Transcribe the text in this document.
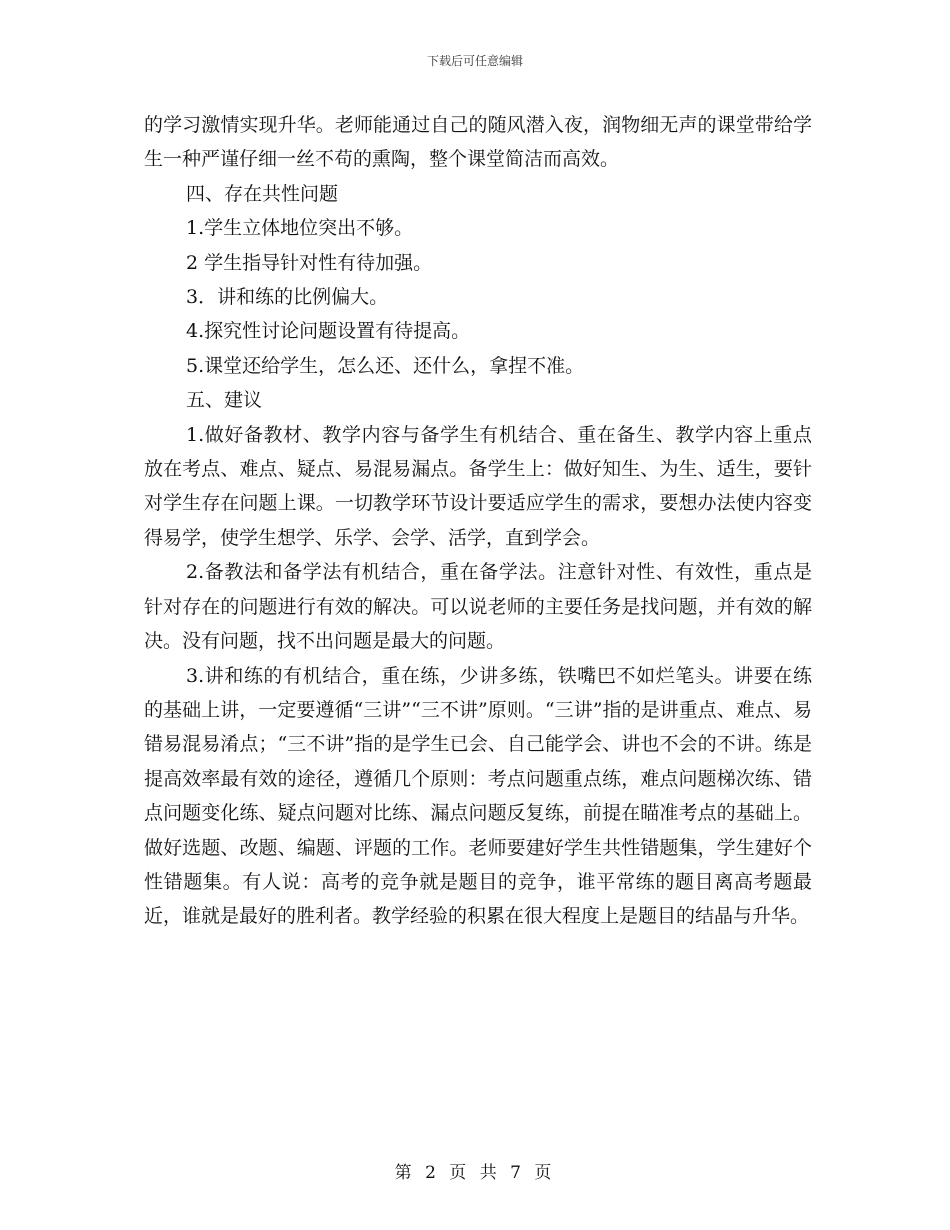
下载后可任意编辑

的学习激情实现升华。老师能通过自己的随风潜入夜，润物细无声的课堂带给学生一种严谨仔细一丝不苟的熏陶，整个课堂简洁而高效。

四、存在共性问题

1.学生立体地位突出不够。

2 学生指导针对性有待加强。

3．讲和练的比例偏大。

4.探究性讨论问题设置有待提高。

5.课堂还给学生，怎么还、还什么，拿捏不准。

五、建议

1.做好备教材、教学内容与备学生有机结合、重在备生、教学内容上重点放在考点、难点、疑点、易混易漏点。备学生上：做好知生、为生、适生，要针对学生存在问题上课。一切教学环节设计要适应学生的需求，要想办法使内容变得易学，使学生想学、乐学、会学、活学，直到学会。

2.备教法和备学法有机结合，重在备学法。注意针对性、有效性，重点是针对存在的问题进行有效的解决。可以说老师的主要任务是找问题，并有效的解决。没有问题，找不出问题是最大的问题。

3.讲和练的有机结合，重在练，少讲多练，铁嘴巴不如烂笔头。讲要在练的基础上讲，一定要遵循“三讲”“三不讲”原则。“三讲”指的是讲重点、难点、易错易混易淆点；“三不讲”指的是学生已会、自己能学会、讲也不会的不讲。练是提高效率最有效的途径，遵循几个原则：考点问题重点练，难点问题梯次练、错点问题变化练、疑点问题对比练、漏点问题反复练，前提在瞄准考点的基础上。做好选题、改题、编题、评题的工作。老师要建好学生共性错题集，学生建好个性错题集。有人说：高考的竞争就是题目的竞争，谁平常练的题目离高考题最近，谁就是最好的胜利者。教学经验的积累在很大程度上是题目的结晶与升华。

第 2 页 共 7 页
